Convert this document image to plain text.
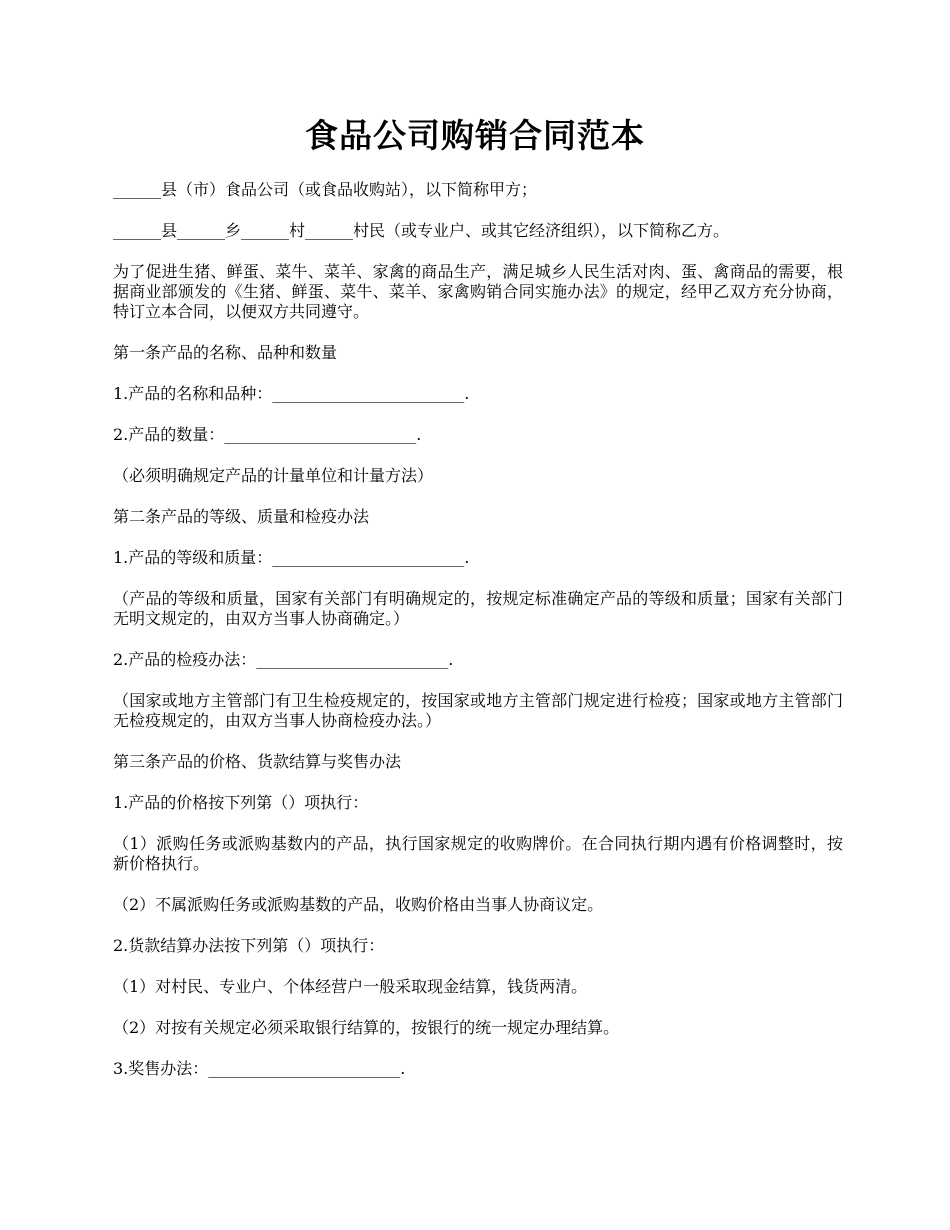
食品公司购销合同范本

______县（市）食品公司（或食品收购站），以下简称甲方；

______县______乡______村______村民（或专业户、或其它经济组织），以下简称乙方。

为了促进生猪、鲜蛋、菜牛、菜羊、家禽的商品生产，满足城乡人民生活对肉、蛋、禽商品的需要，根据商业部颁发的《生猪、鲜蛋、菜牛、菜羊、家禽购销合同实施办法》的规定，经甲乙双方充分协商，特订立本合同，以便双方共同遵守。

第一条产品的名称、品种和数量

1.产品的名称和品种：________________________.

2.产品的数量：________________________.

（必须明确规定产品的计量单位和计量方法）

第二条产品的等级、质量和检疫办法

1.产品的等级和质量：________________________.

（产品的等级和质量，国家有关部门有明确规定的，按规定标准确定产品的等级和质量；国家有关部门无明文规定的，由双方当事人协商确定。）

2.产品的检疫办法：________________________.

（国家或地方主管部门有卫生检疫规定的，按国家或地方主管部门规定进行检疫；国家或地方主管部门无检疫规定的，由双方当事人协商检疫办法。）

第三条产品的价格、货款结算与奖售办法

1.产品的价格按下列第（）项执行：

（1）派购任务或派购基数内的产品，执行国家规定的收购牌价。在合同执行期内遇有价格调整时，按新价格执行。

（2）不属派购任务或派购基数的产品，收购价格由当事人协商议定。

2.货款结算办法按下列第（）项执行：

（1）对村民、专业户、个体经营户一般采取现金结算，钱货两清。

（2）对按有关规定必须采取银行结算的，按银行的统一规定办理结算。

3.奖售办法：________________________.
